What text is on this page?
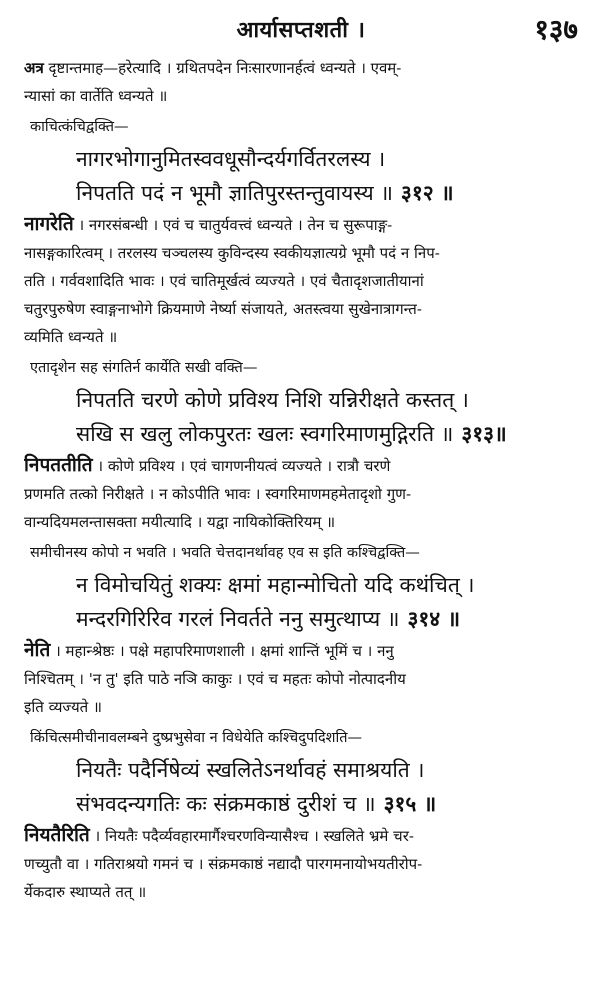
आर्यासप्तशती ।	१३७
अत्र दृष्टान्तमाह—हरेत्यादि । ग्रथितपदेन निःसारणानर्हत्वं ध्वन्यते । एवम्-
न्यासां का वार्तेति ध्वन्यते ॥
काचित्कंचिद्वक्ति—
नागरभोगानुमितस्ववधूसौन्दर्यगर्वितरलस्य ।
निपतति पदं न भूमौ ज्ञातिपुरस्तन्तुवायस्य ॥ ३१२ ॥
नागरेति । नगरसंबन्धी । एवं च चातुर्यवत्त्वं ध्वन्यते । तेन च सुरूपाङ्ग-
नासङ्गकारित्वम् । तरलस्य चञ्चलस्य कुविन्दस्य स्वकीयज्ञात्यग्रे भूमौ पदं न निप-
तति । गर्ववशादिति भावः । एवं चातिमूर्खत्वं व्यज्यते । एवं चैतादृशजातीयानां
चतुरपुरुषेण स्वाङ्गनाभोगे क्रियमाणे नेर्ष्या संजायते, अतस्त्वया सुखेनात्रागन्त-
व्यमिति ध्वन्यते ॥
एतादृशेन सह संगतिर्न कार्येति सखी वक्ति—
निपतति चरणे कोणे प्रविश्य निशि यन्निरीक्षते कस्तत् ।
सखि स खलु लोकपुरतः खलः स्वगरिमाणमुद्गिरति ॥ ३१३॥
निपततीति । कोणे प्रविश्य । एवं चागणनीयत्वं व्यज्यते । रात्रौ चरणे
प्रणमति तत्को निरीक्षते । न कोऽपीति भावः । स्वगरिमाणमहमेतादृशो गुण-
वान्यदियमलन्तासक्ता मयीत्यादि । यद्वा नायिकोक्तिरियम् ॥
समीचीनस्य कोपो न भवति । भवति चेत्तदानर्थावह एव स इति कश्चिद्वक्ति—
न विमोचयितुं शक्यः क्षमां महान्मोचितो यदि कथंचित् ।
मन्दरगिरिरिव गरलं निवर्तते ननु समुत्थाप्य ॥ ३१४ ॥
नेति । महान्श्रेष्ठः । पक्षे महापरिमाणशाली । क्षमां शान्तिं भूमिं च । ननु
निश्चितम् । 'न तु' इति पाठे नञि काकुः । एवं च महतः कोपो नोत्पादनीय
इति व्यज्यते ॥
किंचित्समीचीनावलम्बने दुष्प्रभुसेवा न विधेयेति कश्चिदुपदिशति—
नियतैः पदैर्निषेव्यं स्खलितेऽनर्थावहं समाश्रयति ।
संभवदन्यगतिः कः संक्रमकाष्ठं दुरीशं च ॥ ३१५ ॥
नियतैरिति । नियतैः पदैर्व्यवहारमार्गैश्चरणविन्यासैश्च । स्खलिते भ्रमे चर-
णच्युतौ वा । गतिराश्रयो गमनं च । संक्रमकाष्ठं नद्यादौ पारगमनायोभयतीरोप-
र्येकदारु स्थाप्यते तत् ॥
